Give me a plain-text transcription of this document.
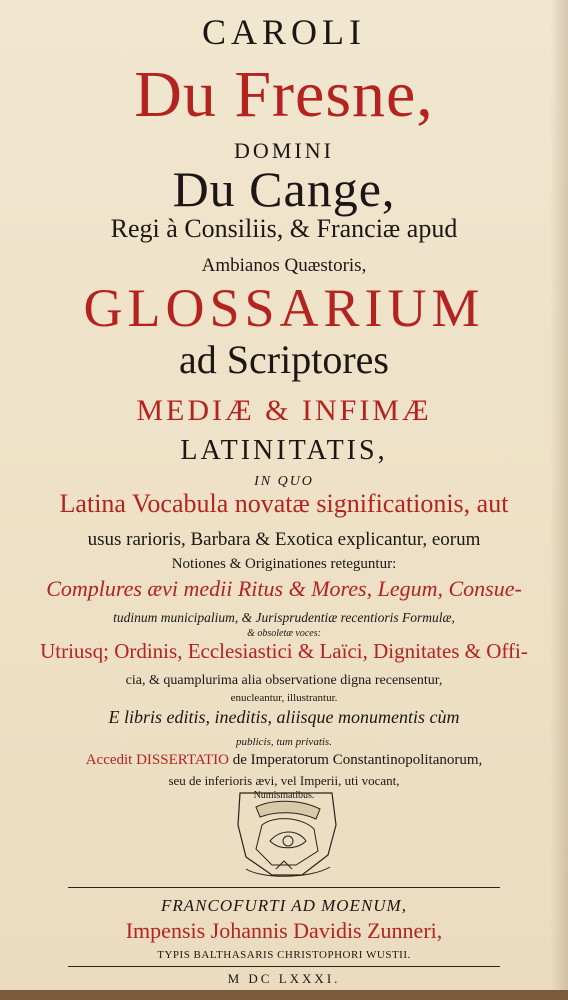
CAROLI

Du Fresne,

DOMINI

Du Cange,

Regi à Consiliis, & Franciæ apud

Ambianos Quæstoris,

GLOSSARIUM

ad Scriptores

MEDIÆ & INFIMÆ

LATINITATIS,

IN QUO

Latina Vocabula novatæ significationis, aut

usus rarioris, Barbara & Exotica explicantur, eorum

Notiones & Originationes reteguntur:

Complures ævi medii Ritus & Mores, Legum, Consue-

tudinum municipalium, & Jurisprudentiæ recentioris Formulæ,

& obsoletæ voces:

Utriusq; Ordinis, Ecclesiastici & Laïci, Dignitates & Offi-

cia, & quamplurima alia observatione digna recensentur,

enucleantur, illustrantur.

E libris editis, ineditis, aliisque monumentis cùm

publicis, tum privatis.

Accedit DISSERTATIO de Imperatorum Constantinopolitanorum,

seu de inferioris ævi, vel Imperii, uti vocant,

Numismatibus.

FRANCOFURTI AD MOENUM,

Impensis Johannis Davidis Zunneri,

TYPIS BALTHASARIS CHRISTOPHORI WUSTII.

M DC LXXXI.
